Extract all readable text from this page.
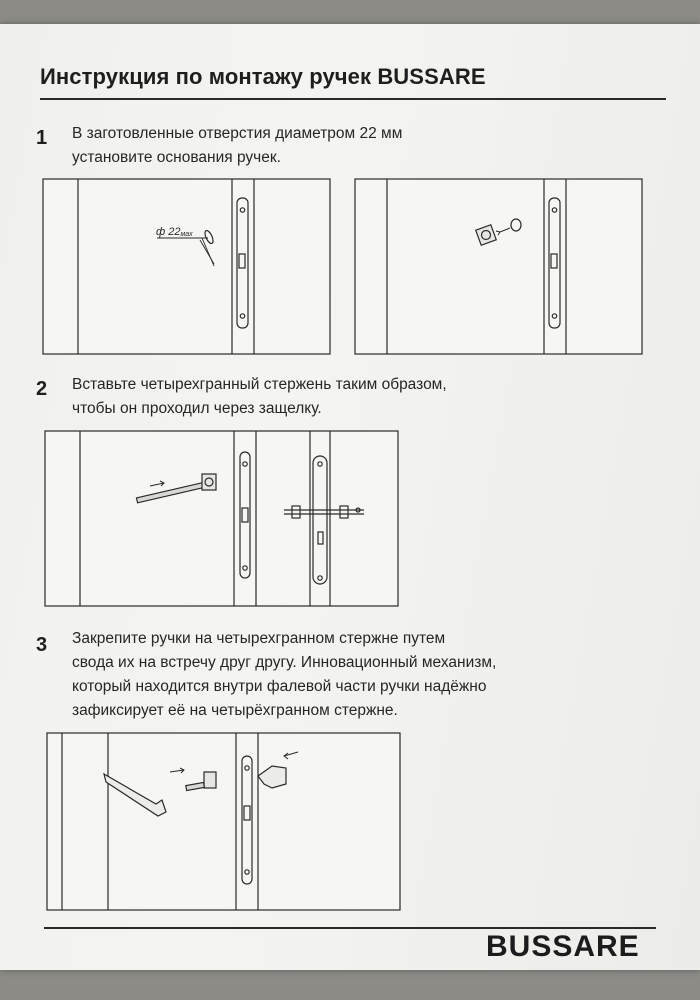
Инструкция по монтажу ручек BUSSARE
1 В заготовленные отверстия диаметром 22 мм
установите основания ручек.

ф 22мах
2 Вставьте четырехгранный стержень таким образом,
чтобы он проходил через защелку.

3 Закрепите ручки на четырехгранном стержне путем
свода их на встречу друг другу. Инновационный механизм,
который находится внутри фалевой части ручки надёжно
зафиксирует её на четырёхгранном стержне.

BUSSARE
